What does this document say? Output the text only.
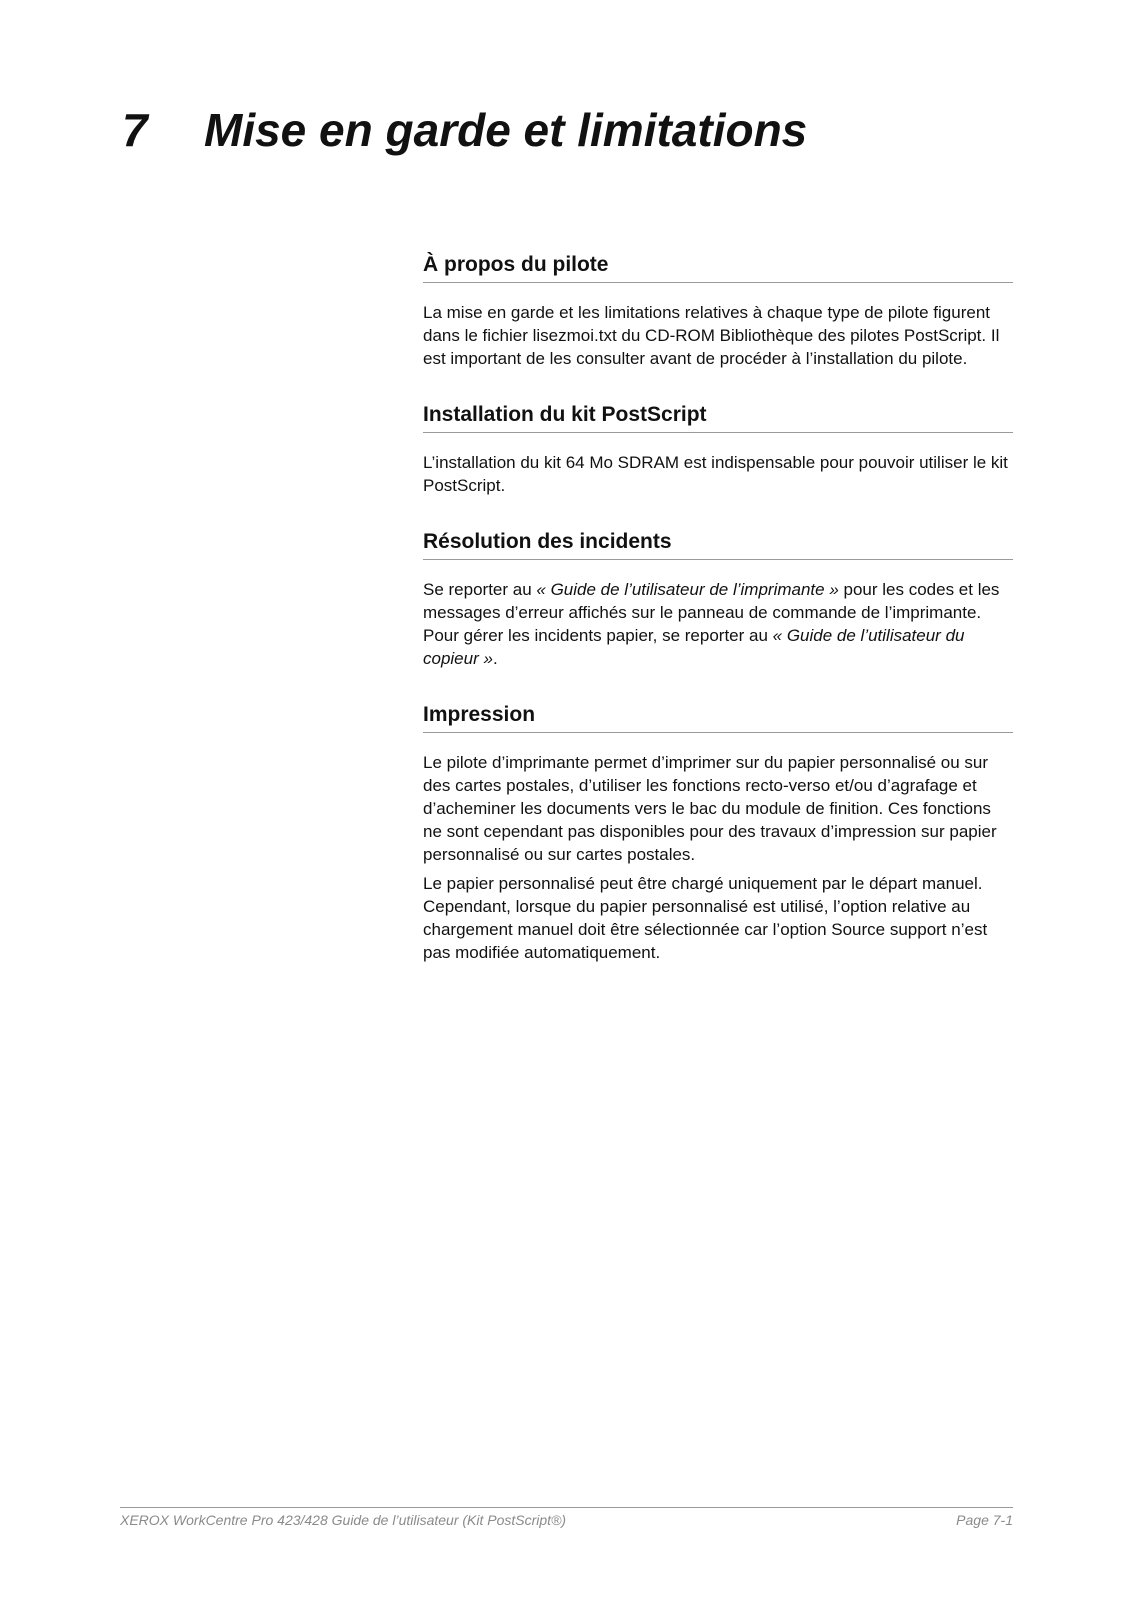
7 Mise en garde et limitations
À propos du pilote

La mise en garde et les limitations relatives à chaque type de pilote figurent dans le fichier lisezmoi.txt du CD-ROM Bibliothèque des pilotes PostScript. Il est important de les consulter avant de procéder à l’installation du pilote.

Installation du kit PostScript

L’installation du kit 64 Mo SDRAM est indispensable pour pouvoir utiliser le kit PostScript.

Résolution des incidents

Se reporter au « Guide de l’utilisateur de l’imprimante » pour les codes et les messages d’erreur affichés sur le panneau de commande de l’imprimante. Pour gérer les incidents papier, se reporter au « Guide de l’utilisateur du copieur ».

Impression

Le pilote d’imprimante permet d’imprimer sur du papier personnalisé ou sur des cartes postales, d’utiliser les fonctions recto-verso et/ou d’agrafage et d’acheminer les documents vers le bac du module de finition. Ces fonctions ne sont cependant pas disponibles pour des travaux d’impression sur papier personnalisé ou sur cartes postales.

Le papier personnalisé peut être chargé uniquement par le départ manuel. Cependant, lorsque du papier personnalisé est utilisé, l’option relative au chargement manuel doit être sélectionnée car l’option Source support n’est pas modifiée automatiquement.

XEROX WorkCentre Pro 423/428 Guide de l’utilisateur (Kit PostScript®)	Page 7-1
